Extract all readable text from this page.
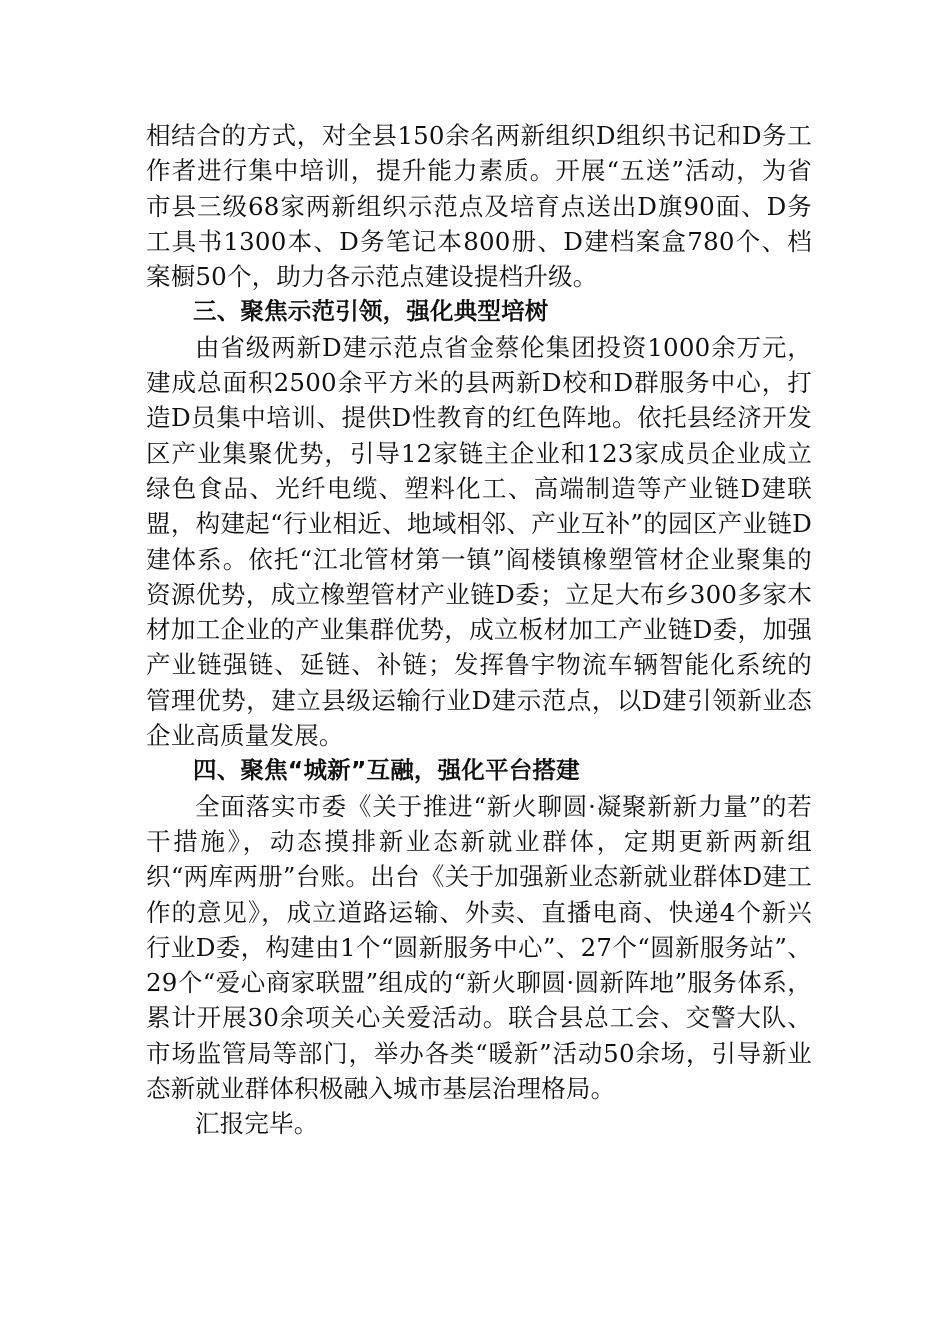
相结合的方式，对全县150余名两新组织D组织书记和D务工作者进行集中培训，提升能力素质。开展“五送”活动，为省市县三级68家两新组织示范点及培育点送出D旗90面、D务工具书1300本、D务笔记本800册、D建档案盒780个、档案橱50个，助力各示范点建设提档升级。

三、聚焦示范引领，强化典型培树

由省级两新D建示范点省金蔡伦集团投资1000余万元，建成总面积2500余平方米的县两新D校和D群服务中心，打造D员集中培训、提供D性教育的红色阵地。依托县经济开发区产业集聚优势，引导12家链主企业和123家成员企业成立绿色食品、光纤电缆、塑料化工、高端制造等产业链D建联盟，构建起“行业相近、地域相邻、产业互补”的园区产业链D建体系。依托“江北管材第一镇”阎楼镇橡塑管材企业聚集的资源优势，成立橡塑管材产业链D委；立足大布乡300多家木材加工企业的产业集群优势，成立板材加工产业链D委，加强产业链强链、延链、补链；发挥鲁宇物流车辆智能化系统的管理优势，建立县级运输行业D建示范点，以D建引领新业态企业高质量发展。

四、聚焦“城新”互融，强化平台搭建

全面落实市委《关于推进“新火聊圆·凝聚新新力量”的若干措施》，动态摸排新业态新就业群体，定期更新两新组织“两库两册”台账。出台《关于加强新业态新就业群体D建工作的意见》，成立道路运输、外卖、直播电商、快递4个新兴行业D委，构建由1个“圆新服务中心”、27个“圆新服务站”、29个“爱心商家联盟”组成的“新火聊圆·圆新阵地”服务体系，累计开展30余项关心关爱活动。联合县总工会、交警大队、市场监管局等部门，举办各类“暖新”活动50余场，引导新业态新就业群体积极融入城市基层治理格局。

汇报完毕。
